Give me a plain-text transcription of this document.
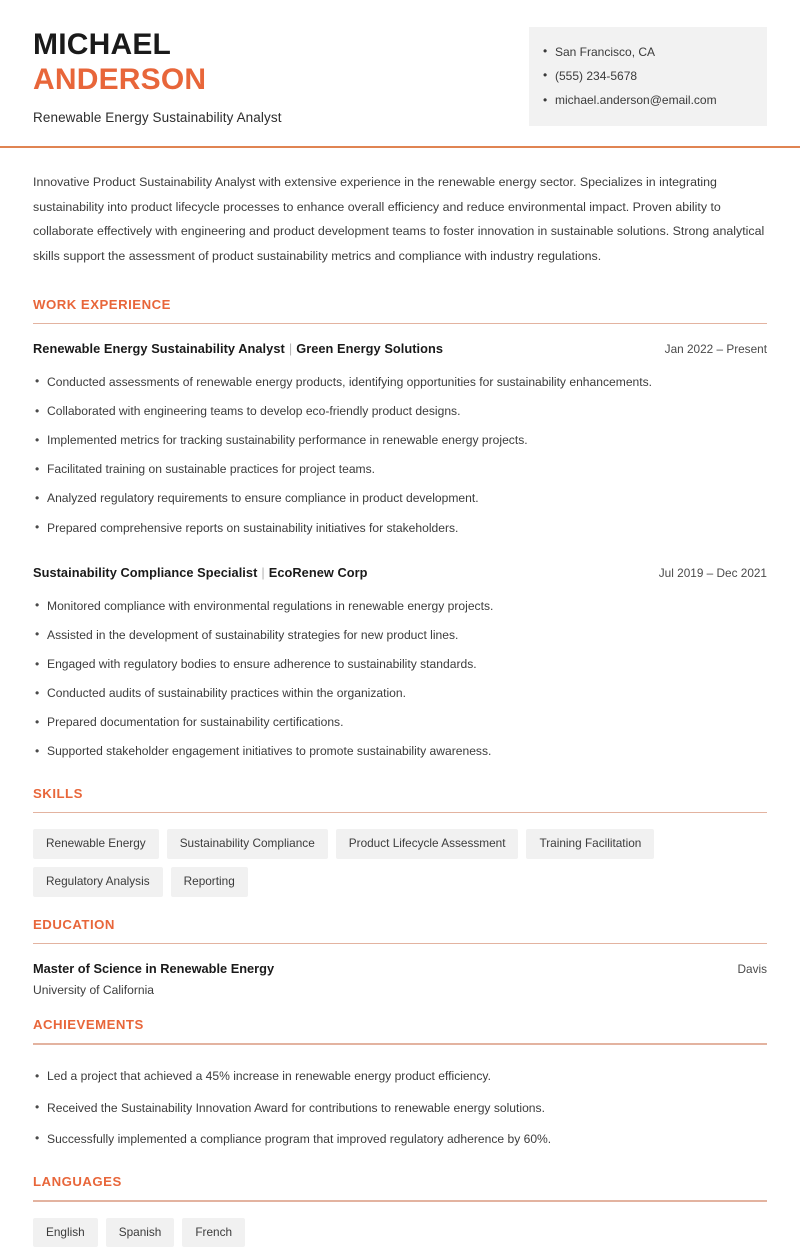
MICHAEL
ANDERSON
Renewable Energy Sustainability Analyst
• San Francisco, CA
• (555) 234-5678
• michael.anderson@email.com

Innovative Product Sustainability Analyst with extensive experience in the renewable energy sector. Specializes in integrating sustainability into product lifecycle processes to enhance overall efficiency and reduce environmental impact. Proven ability to collaborate effectively with engineering and product development teams to foster innovation in sustainable solutions. Strong analytical skills support the assessment of product sustainability metrics and compliance with industry regulations.

WORK EXPERIENCE
Renewable Energy Sustainability Analyst | Green Energy Solutions	Jan 2022 – Present
• Conducted assessments of renewable energy products, identifying opportunities for sustainability enhancements.
• Collaborated with engineering teams to develop eco-friendly product designs.
• Implemented metrics for tracking sustainability performance in renewable energy projects.
• Facilitated training on sustainable practices for project teams.
• Analyzed regulatory requirements to ensure compliance in product development.
• Prepared comprehensive reports on sustainability initiatives for stakeholders.
Sustainability Compliance Specialist | EcoRenew Corp	Jul 2019 – Dec 2021
• Monitored compliance with environmental regulations in renewable energy projects.
• Assisted in the development of sustainability strategies for new product lines.
• Engaged with regulatory bodies to ensure adherence to sustainability standards.
• Conducted audits of sustainability practices within the organization.
• Prepared documentation for sustainability certifications.
• Supported stakeholder engagement initiatives to promote sustainability awareness.
SKILLS
Renewable Energy	Sustainability Compliance	Product Lifecycle Assessment	Training Facilitation
Regulatory Analysis	Reporting
EDUCATION
Master of Science in Renewable Energy	Davis
University of California
ACHIEVEMENTS
• Led a project that achieved a 45% increase in renewable energy product efficiency.
• Received the Sustainability Innovation Award for contributions to renewable energy solutions.
• Successfully implemented a compliance program that improved regulatory adherence by 60%.
LANGUAGES
English	Spanish	French
